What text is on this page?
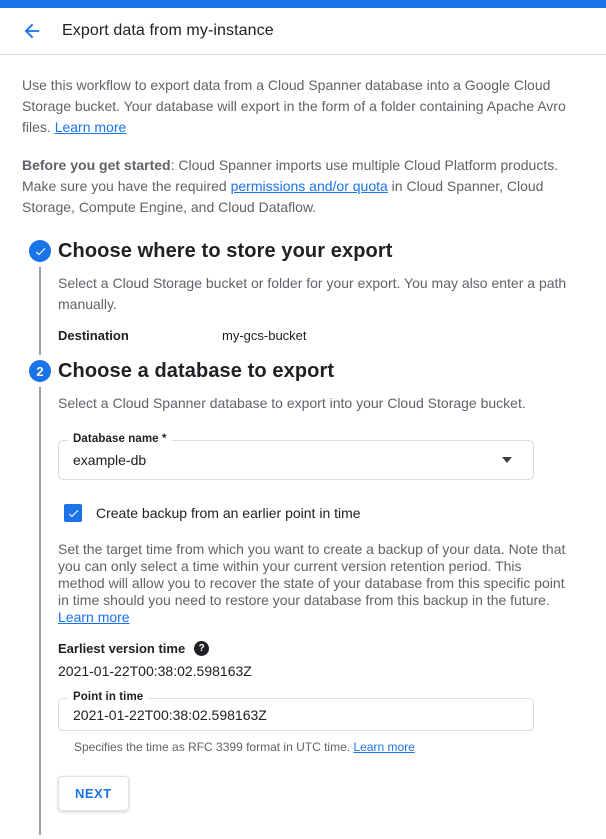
Export data from my-instance

Use this workflow to export data from a Cloud Spanner database into a Google Cloud Storage bucket. Your database will export in the form of a folder containing Apache Avro files. Learn more

Before you get started: Cloud Spanner imports use multiple Cloud Platform products. Make sure you have the required permissions and/or quota in Cloud Spanner, Cloud Storage, Compute Engine, and Cloud Dataflow.

Choose where to store your export

Select a Cloud Storage bucket or folder for your export. You may also enter a path manually.

Destination	my-gcs-bucket
2 Choose a database to export

Select a Cloud Spanner database to export into your Cloud Storage bucket.

Database name *
example-db
Create backup from an earlier point in time

Set the target time from which you want to create a backup of your data. Note that you can only select a time within your current version retention period. This method will allow you to recover the state of your database from this specific point in time should you need to restore your database from this backup in the future. Learn more

Earliest version time	?
2021-01-22T00:38:02.598163Z
Point in time
2021-01-22T00:38:02.598163Z
Specifies the time as RFC 3399 format in UTC time. Learn more
NEXT
